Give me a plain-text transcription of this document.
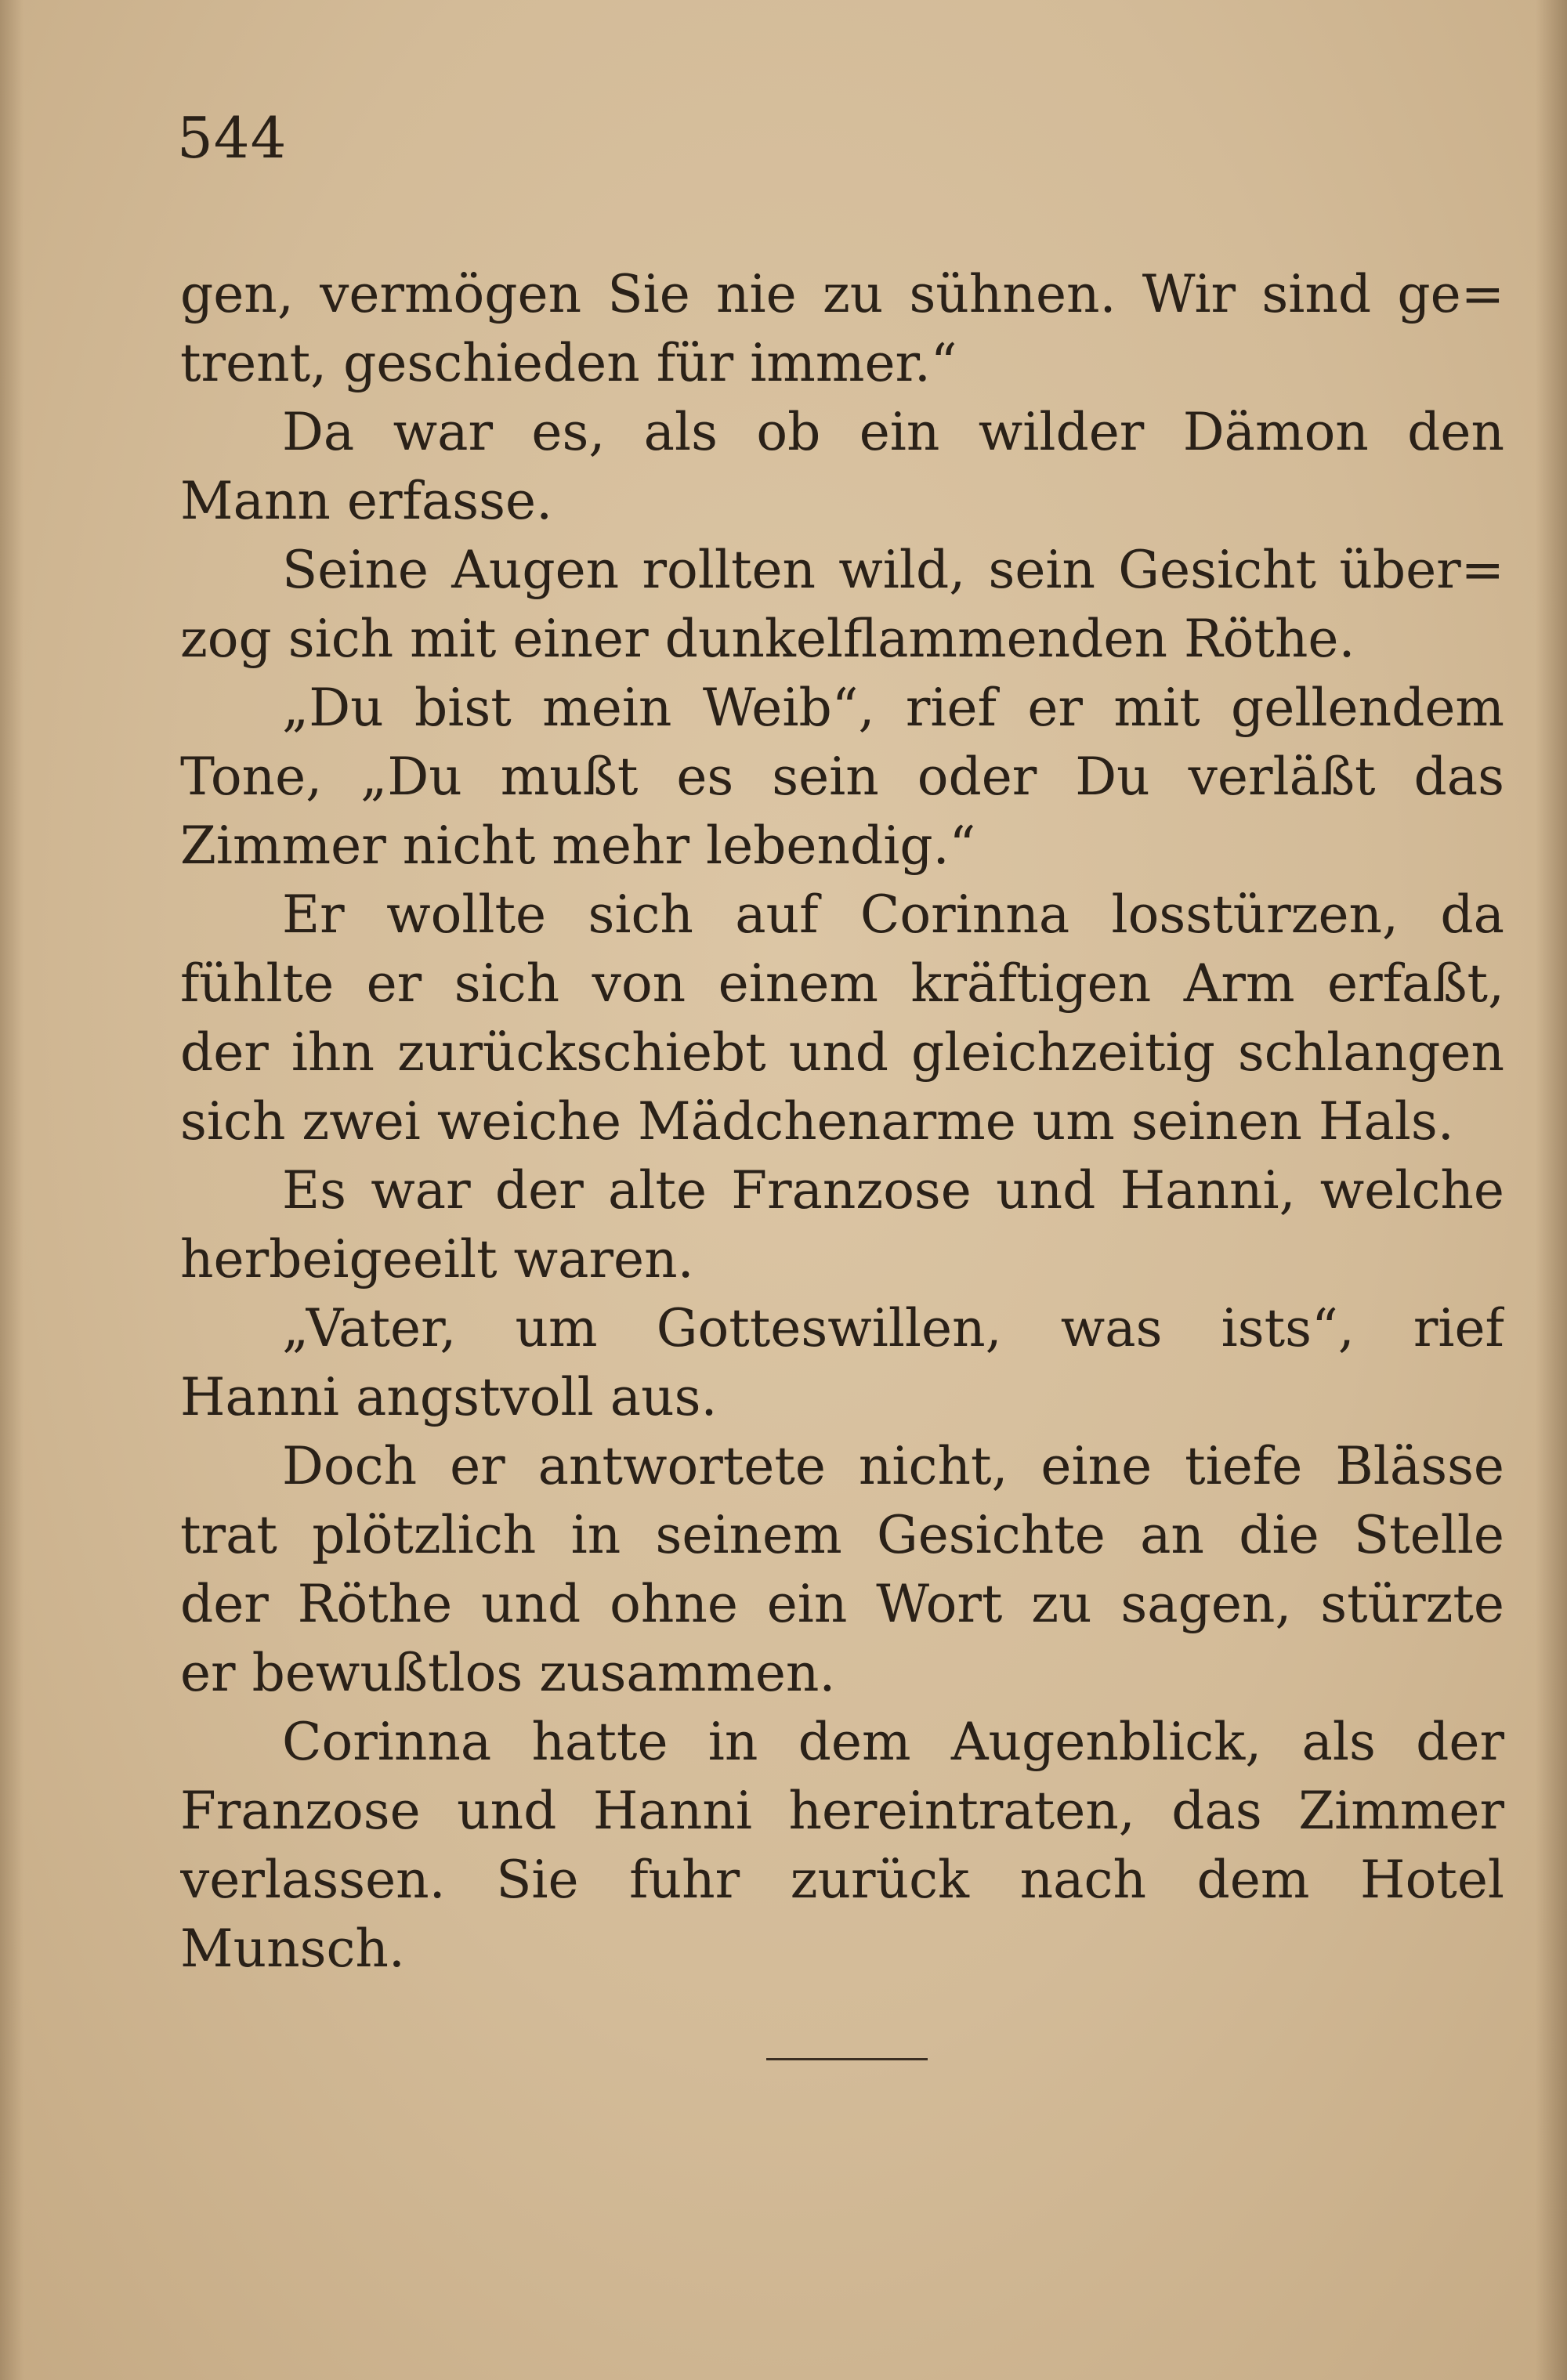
544
gen, vermögen Sie nie zu sühnen. Wir sind ge=
trent, geschieden für immer.“
Da war es, als ob ein wilder Dämon den
Mann erfasse.
Seine Augen rollten wild, sein Gesicht über=
zog sich mit einer dunkelflammenden Röthe.
„Du bist mein Weib“, rief er mit gellendem
Tone, „Du mußt es sein oder Du verläßt das
Zimmer nicht mehr lebendig.“
Er wollte sich auf Corinna losstürzen, da
fühlte er sich von einem kräftigen Arm erfaßt,
der ihn zurückschiebt und gleichzeitig schlangen
sich zwei weiche Mädchenarme um seinen Hals.
Es war der alte Franzose und Hanni, welche
herbeigeeilt waren.
„Vater, um Gotteswillen, was ists“, rief
Hanni angstvoll aus.
Doch er antwortete nicht, eine tiefe Blässe
trat plötzlich in seinem Gesichte an die Stelle
der Röthe und ohne ein Wort zu sagen, stürzte
er bewußtlos zusammen.
Corinna hatte in dem Augenblick, als der
Franzose und Hanni hereintraten, das Zimmer
verlassen. Sie fuhr zurück nach dem Hotel
Munsch.
